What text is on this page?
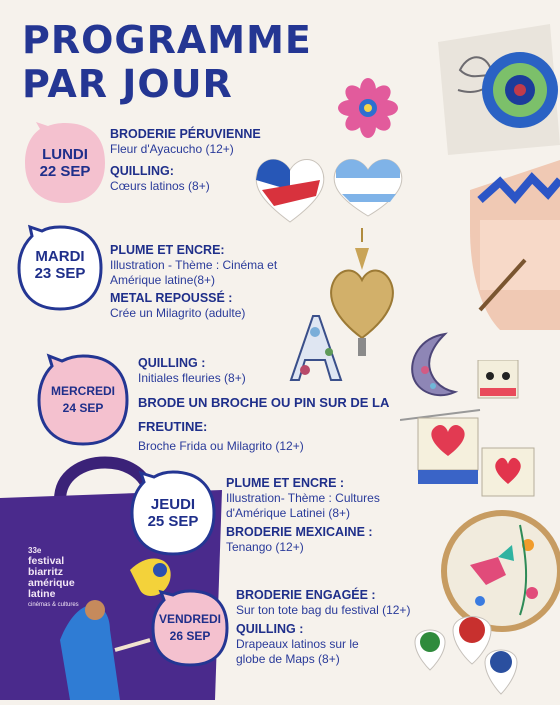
PROGRAMME
PAR JOUR
33e
festival
biarritz
amérique
latine
cinémas & cultures
LUNDI
22 SEP
MARDI
23 SEP
MERCREDI
24 SEP
JEUDI
25 SEP
VENDREDI
26 SEP
BRODERIE PÉRUVIENNE
Fleur d'Ayacucho (12+)
QUILLING:
Cœurs latinos (8+)
PLUME ET ENCRE:
Illustration - Thème : Cinéma et
Amérique latine(8+)
METAL REPOUSSÉ :
Crée un Milagrito (adulte)
QUILLING :
Initiales fleuries (8+)
BRODE UN BROCHE OU PIN SUR DE LA
FREUTINE:
Broche Frida ou Milagrito (12+)
PLUME ET ENCRE :
Illustration- Thème : Cultures
d'Amérique Latinei (8+)
BRODERIE MEXICAINE :
Tenango (12+)
BRODERIE ENGAGÉE :
Sur ton tote bag du festival (12+)
QUILLING :
Drapeaux latinos sur le
globe de Maps (8+)
